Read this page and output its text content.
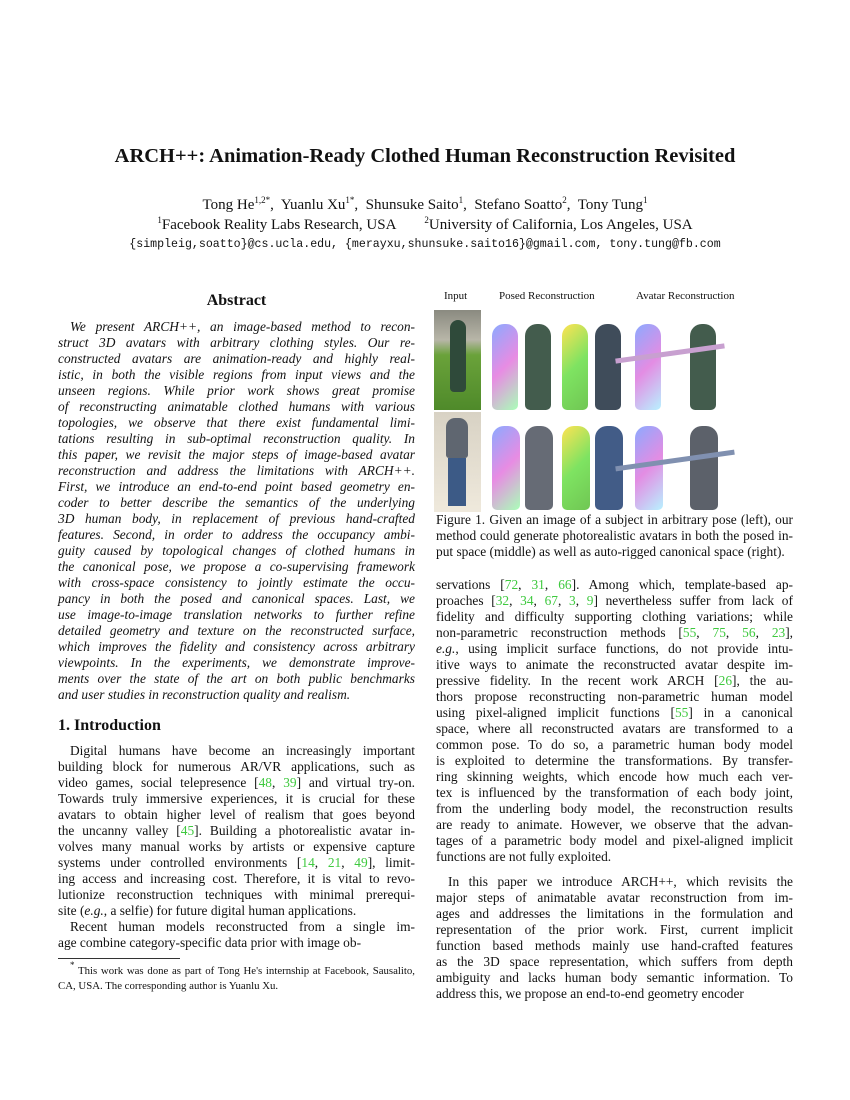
ARCH++: Animation-Ready Clothed Human Reconstruction Revisited
Tong $He^{1,2*}$,  Yuanlu $Xu^{1*}$,  Shunsuke Saito$^1$,  Stefano Soatto$^2$,  Tony Tung$^1$
$^1$Facebook Reality Labs Research, USA	$^2$University of California, Los Angeles, USA
{simpleig,soatto}@cs.ucla.edu, {merayxu,shunsuke.saito16}@gmail.com, tony.tung@fb.com
Abstract
We present ARCH++, an image-based method to recon-
struct 3D avatars with arbitrary clothing styles. Our re-
constructed avatars are animation-ready and highly real-
istic, in both the visible regions from input views and the
unseen regions. While prior work shows great promise
of reconstructing animatable clothed humans with various
topologies, we observe that there exist fundamental limi-
tations resulting in sub-optimal reconstruction quality. In
this paper, we revisit the major steps of image-based avatar
reconstruction and address the limitations with ARCH++.
First, we introduce an end-to-end point based geometry en-
coder to better describe the semantics of the underlying
3D human body, in replacement of previous hand-crafted
features. Second, in order to address the occupancy ambi-
guity caused by topological changes of clothed humans in
the canonical pose, we propose a co-supervising framework
with cross-space consistency to jointly estimate the occu-
pancy in both the posed and canonical spaces. Last, we
use image-to-image translation networks to further refine
detailed geometry and texture on the reconstructed surface,
which improves the fidelity and consistency across arbitrary
viewpoints. In the experiments, we demonstrate improve-
ments over the state of the art on both public benchmarks
and user studies in reconstruction quality and realism.
1. Introduction
Digital humans have become an increasingly important
building block for numerous AR/VR applications, such as
video games, social telepresence [48, 39] and virtual try-on.
Towards truly immersive experiences, it is crucial for these
avatars to obtain higher level of realism that goes beyond
the uncanny valley [45]. Building a photorealistic avatar in-
volves many manual works by artists or expensive capture
systems under controlled environments [14, 21, 49], limit-
ing access and increasing cost. Therefore, it is vital to revo-
lutionize reconstruction techniques with minimal prerequi-
site (e.g., a selfie) for future digital human applications.
Recent human models reconstructed from a single im-
age combine category-specific data prior with image ob-
* This work was done as part of Tong He's internship at Facebook, Sausalito, CA, USA. The corresponding author is Yuanlu Xu.
Input	Posed Reconstruction	Avatar Reconstruction
Figure 1. Given an image of a subject in arbitrary pose (left), our
method could generate photorealistic avatars in both the posed in-
put space (middle) as well as auto-rigged canonical space (right).
servations [72, 31, 66]. Among which, template-based ap-
proaches [32, 34, 67, 3, 9] nevertheless suffer from lack of
fidelity and difficulty supporting clothing variations; while
non-parametric reconstruction methods [55, 75, 56, 23],
e.g., using implicit surface functions, do not provide intu-
itive ways to animate the reconstructed avatar despite im-
pressive fidelity. In the recent work ARCH [26], the au-
thors propose reconstructing non-parametric human model
using pixel-aligned implicit functions [55] in a canonical
space, where all reconstructed avatars are transformed to a
common pose. To do so, a parametric human body model
is exploited to determine the transformations. By transfer-
ring skinning weights, which encode how much each ver-
tex is influenced by the transformation of each body joint,
from the underling body model, the reconstruction results
are ready to animate. However, we observe that the advan-
tages of a parametric body model and pixel-aligned implicit
functions are not fully exploited.
In this paper we introduce ARCH++, which revisits the
major steps of animatable avatar reconstruction from im-
ages and addresses the limitations in the formulation and
representation of the prior work. First, current implicit
function based methods mainly use hand-crafted features
as the 3D space representation, which suffers from depth
ambiguity and lacks human body semantic information. To
address this, we propose an end-to-end geometry encoder
